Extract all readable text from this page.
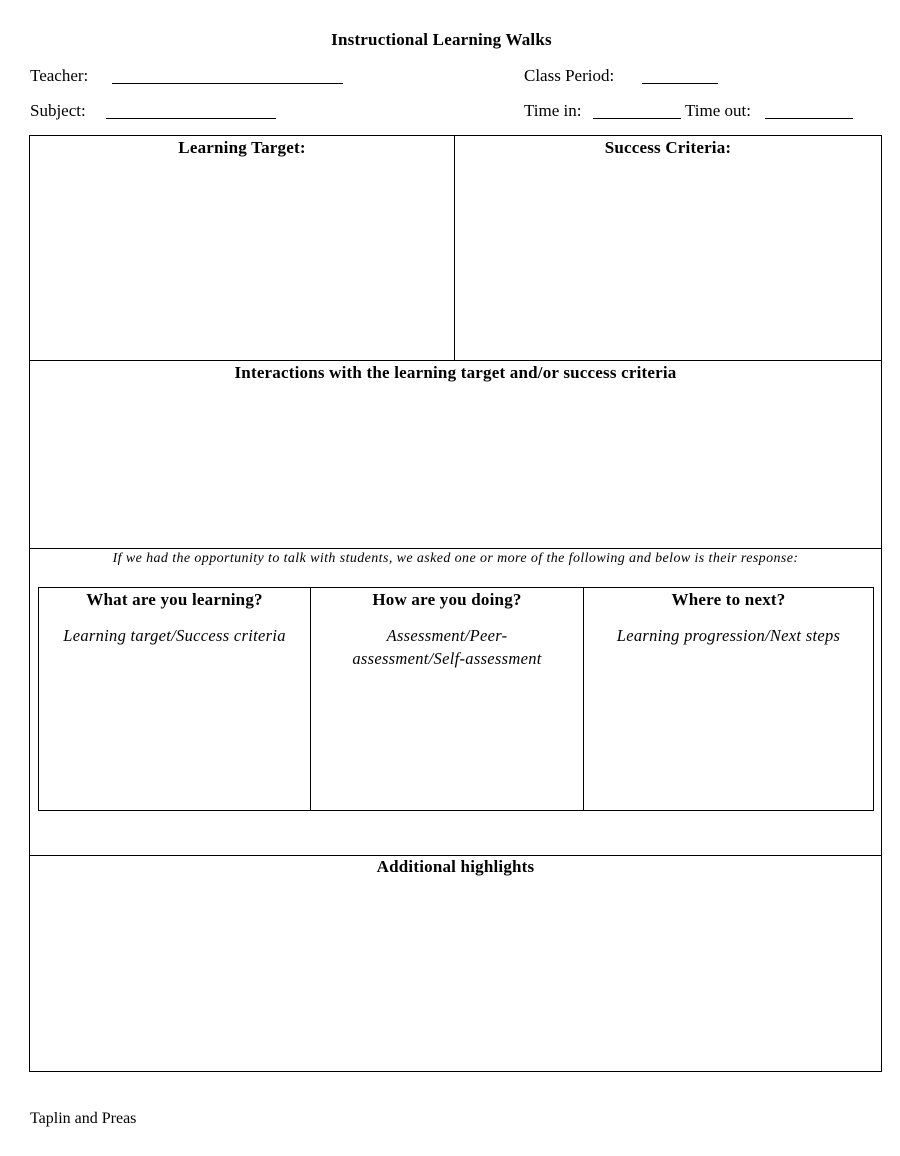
Instructional Learning Walks
Teacher:
Subject:
Class Period:
Time in:	Time out:
Learning Target:	Success Criteria:
Interactions with the learning target and/or success criteria
If we had the opportunity to talk with students, we asked one or more of the following and below is their response:
What are you learning?
Learning target/Success criteria
How are you doing?
Assessment/Peer-assessment/Self-assessment
Where to next?
Learning progression/Next steps
Additional highlights
Taplin and Preas
